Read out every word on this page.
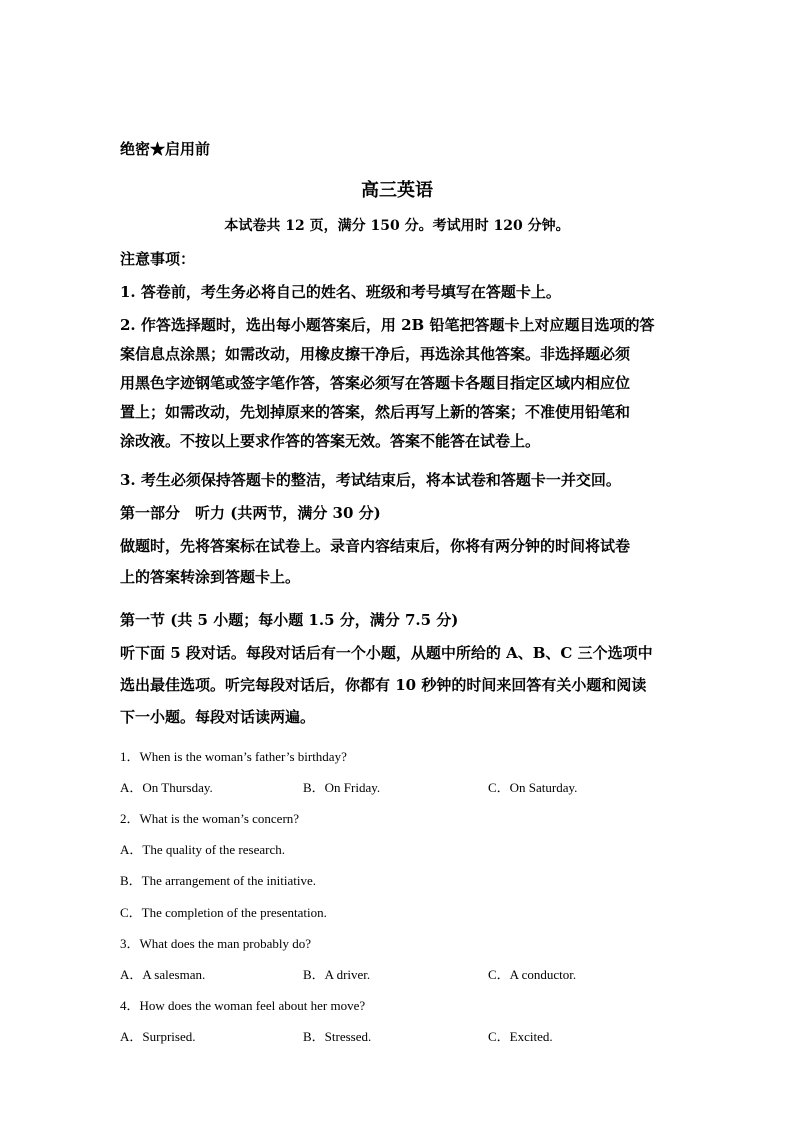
绝密★启用前
高三英语
本试卷共 12 页，满分 150 分。考试用时 120 分钟。
注意事项：
1. 答卷前，考生务必将自己的姓名、班级和考号填写在答题卡上。
2. 作答选择题时，选出每小题答案后，用 2B 铅笔把答题卡上对应题目选项的答
案信息点涂黑；如需改动，用橡皮擦干净后，再选涂其他答案。非选择题必须
用黑色字迹钢笔或签字笔作答，答案必须写在答题卡各题目指定区域内相应位
置上；如需改动，先划掉原来的答案，然后再写上新的答案；不准使用铅笔和
涂改液。不按以上要求作答的答案无效。答案不能答在试卷上。
3. 考生必须保持答题卡的整洁，考试结束后，将本试卷和答题卡一并交回。
第一部分　听力 (共两节，满分 30 分)
做题时，先将答案标在试卷上。录音内容结束后，你将有两分钟的时间将试卷
上的答案转涂到答题卡上。
第一节 (共 5 小题；每小题 1.5 分，满分 7.5 分)
听下面 5 段对话。每段对话后有一个小题，从题中所给的 A、B、C 三个选项中
选出最佳选项。听完每段对话后，你都有 10 秒钟的时间来回答有关小题和阅读
下一小题。每段对话读两遍。
1．When is the woman’s father’s birthday?
A．On Thursday.	B．On Friday.	C．On Saturday.
2．What is the woman’s concern?
A．The quality of the research.
B．The arrangement of the initiative.
C．The completion of the presentation.
3．What does the man probably do?
A．A salesman.	B．A driver.	C．A conductor.
4．How does the woman feel about her move?
A．Surprised.	B．Stressed.	C．Excited.
